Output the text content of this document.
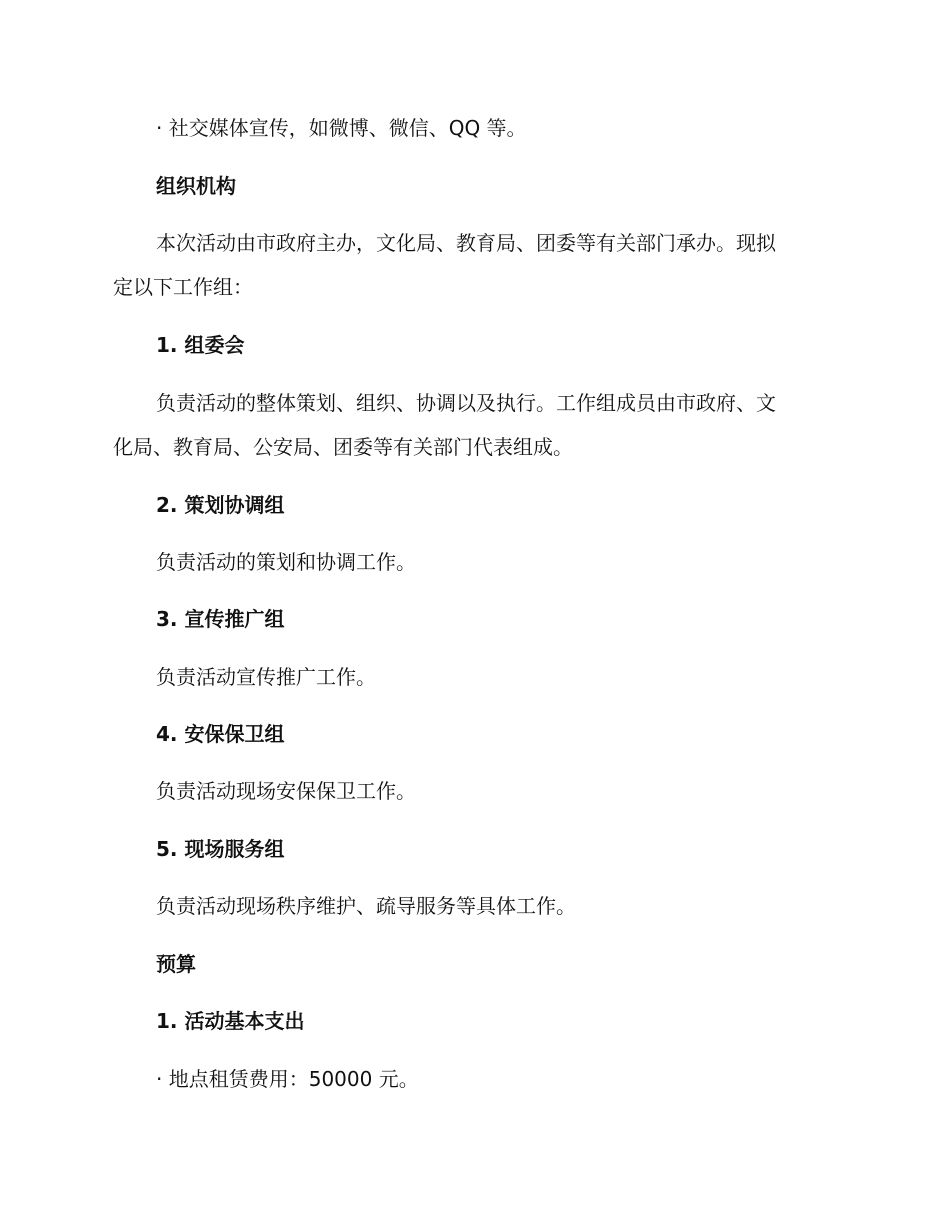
· 社交媒体宣传，如微博、微信、QQ 等。

组织机构

本次活动由市政府主办，文化局、教育局、团委等有关部门承办。现拟

定以下工作组：

1. 组委会

负责活动的整体策划、组织、协调以及执行。工作组成员由市政府、文

化局、教育局、公安局、团委等有关部门代表组成。

2. 策划协调组

负责活动的策划和协调工作。

3. 宣传推广组

负责活动宣传推广工作。

4. 安保保卫组

负责活动现场安保保卫工作。

5. 现场服务组

负责活动现场秩序维护、疏导服务等具体工作。

预算

1. 活动基本支出

· 地点租赁费用：50000 元。
